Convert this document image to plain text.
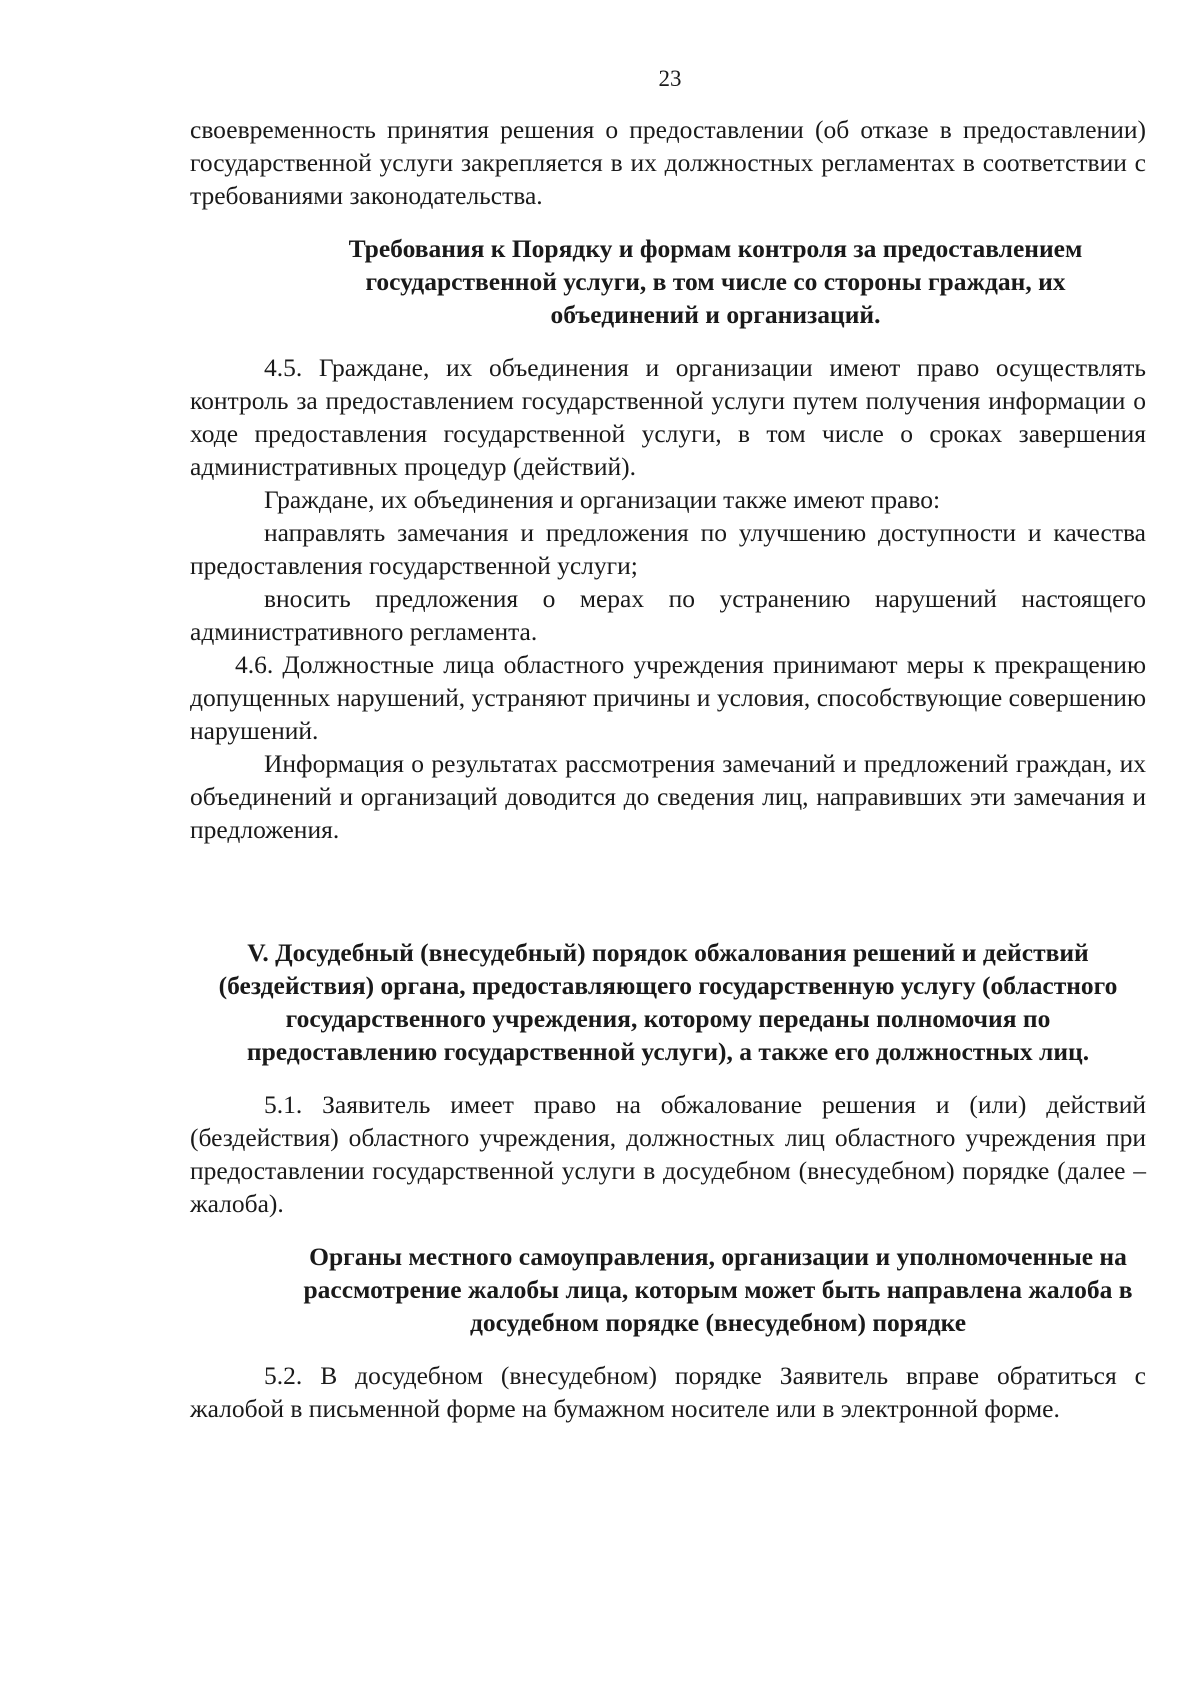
23

своевременность принятия решения о предоставлении (об отказе в предоставлении) государственной услуги закрепляется в их должностных регламентах в соответствии с требованиями законодательства.

Требования к Порядку и формам контроля за предоставлением государственной услуги, в том числе со стороны граждан, их объединений и организаций.

4.5. Граждане, их объединения и организации имеют право осуществлять контроль за предоставлением государственной услуги путем получения информации о ходе предоставления государственной услуги, в том числе о сроках завершения административных процедур (действий).

Граждане, их объединения и организации также имеют право:

направлять замечания и предложения по улучшению доступности и качества предоставления государственной услуги;

вносить предложения о мерах по устранению нарушений настоящего административного регламента.

4.6. Должностные лица областного учреждения принимают меры к прекращению допущенных нарушений, устраняют причины и условия, способствующие совершению нарушений.

Информация о результатах рассмотрения замечаний и предложений граждан, их объединений и организаций доводится до сведения лиц, направивших эти замечания и предложения.

V. Досудебный (внесудебный) порядок обжалования решений и действий (бездействия) органа, предоставляющего государственную услугу (областного государственного учреждения, которому переданы полномочия по предоставлению государственной услуги), а также его должностных лиц.

5.1. Заявитель имеет право на обжалование решения и (или) действий (бездействия) областного учреждения, должностных лиц областного учреждения при предоставлении государственной услуги в досудебном (внесудебном) порядке (далее – жалоба).

Органы местного самоуправления, организации и уполномоченные на рассмотрение жалобы лица, которым может быть направлена жалоба в досудебном порядке (внесудебном) порядке

5.2. В досудебном (внесудебном) порядке Заявитель вправе обратиться с жалобой в письменной форме на бумажном носителе или в электронной форме.
